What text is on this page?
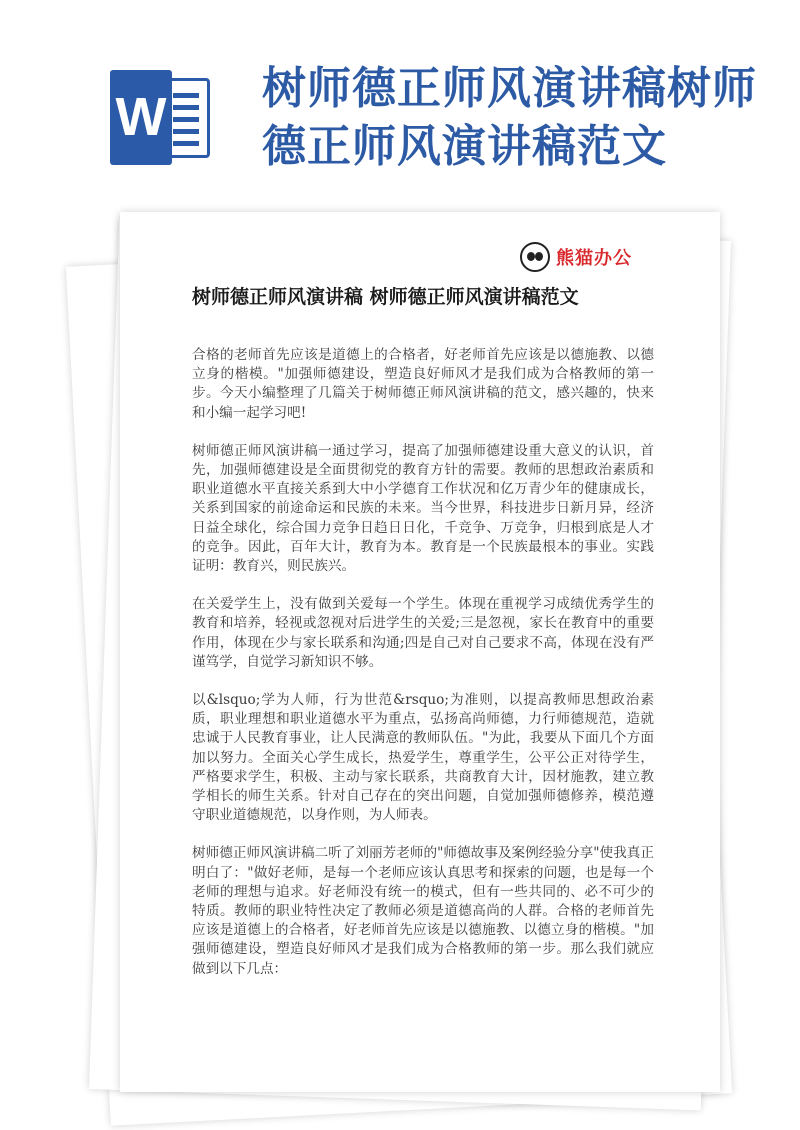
W 树师德正师风演讲稿树师德正师风演讲稿范文
熊猫办公
树师德正师风演讲稿 树师德正师风演讲稿范文

合格的老师首先应该是道德上的合格者，好老师首先应该是以德施教、以德立身的楷模。"加强师德建设，塑造良好师风才是我们成为合格教师的第一步。今天小编整理了几篇关于树师德正师风演讲稿的范文，感兴趣的，快来和小编一起学习吧!

树师德正师风演讲稿一通过学习，提高了加强师德建设重大意义的认识，首先，加强师德建设是全面贯彻党的教育方针的需要。教师的思想政治素质和职业道德水平直接关系到大中小学德育工作状况和亿万青少年的健康成长，关系到国家的前途命运和民族的未来。当今世界，科技进步日新月异，经济日益全球化，综合国力竞争日趋日日化，千竞争、万竞争，归根到底是人才的竞争。因此，百年大计，教育为本。教育是一个民族最根本的事业。实践证明：教育兴，则民族兴。

在关爱学生上，没有做到关爱每一个学生。体现在重视学习成绩优秀学生的教育和培养，轻视或忽视对后进学生的关爱;三是忽视，家长在教育中的重要作用，体现在少与家长联系和沟通;四是自己对自己要求不高，体现在没有严谨笃学，自觉学习新知识不够。

以&lsquo;学为人师，行为世范&rsquo;为准则，以提高教师思想政治素质，职业理想和职业道德水平为重点，弘扬高尚师德，力行师德规范，造就忠诚于人民教育事业，让人民满意的教师队伍。"为此，我要从下面几个方面加以努力。全面关心学生成长，热爱学生，尊重学生，公平公正对待学生，严格要求学生，积极、主动与家长联系，共商教育大计，因材施教，建立教学相长的师生关系。针对自己存在的突出问题，自觉加强师德修养，模范遵守职业道德规范，以身作则，为人师表。

树师德正师风演讲稿二听了刘丽芳老师的"师德故事及案例经验分享"使我真正明白了："做好老师，是每一个老师应该认真思考和探索的问题，也是每一个老师的理想与追求。好老师没有统一的模式，但有一些共同的、必不可少的特质。教师的职业特性决定了教师必须是道德高尚的人群。合格的老师首先应该是道德上的合格者，好老师首先应该是以德施教、以德立身的楷模。"加强师德建设，塑造良好师风才是我们成为合格教师的第一步。那么我们就应做到以下几点：
